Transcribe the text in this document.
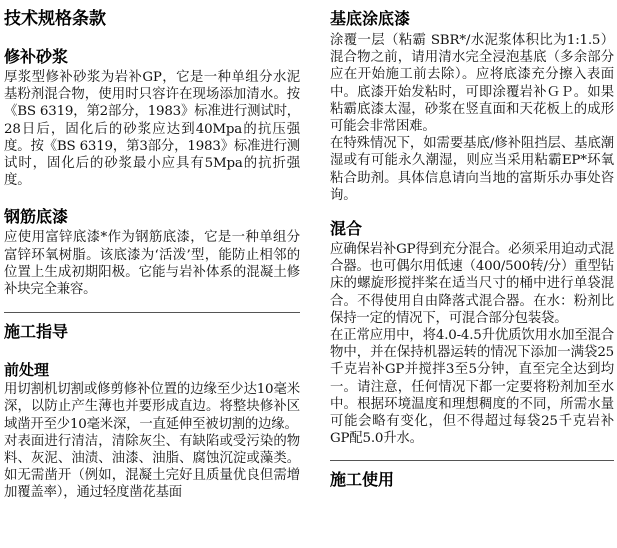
技术规格条款
修补砂浆

厚浆型修补砂浆为岩补GP，它是一种单组分水泥基粉剂混合物，使用时只容许在现场添加清水。按《BS 6319，第2部分，1983》标准进行测试时，28日后，固化后的砂浆应达到40Mpa的抗压强度。按《BS 6319，第3部分，1983》标准进行测试时，固化后的砂浆最小应具有5Mpa的抗折强度。

钢筋底漆

应使用富锌底漆*作为钢筋底漆，它是一种单组分富锌环氧树脂。该底漆为‘活泼’型，能防止相邻的位置上生成初期阳极。它能与岩补体系的混凝土修补块完全兼容。

施工指导
前处理

用切割机切割或修剪修补位置的边缘至少达10毫米深，以防止产生薄也并要形成直边。将整块修补区域凿开至少10毫米深，一直延伸至被切割的边缘。

对表面进行清洁，清除灰尘、有缺陷或受污染的物料、灰泥、油渍、油漆、油脂、腐蚀沉淀或藻类。如无需凿开（例如，混凝土完好且质量优良但需增加覆盖率），通过轻度凿花基面

基底涂底漆

涂覆一层（粘霸 SBR*/水泥浆体积比为1:1.5）混合物之前，请用清水完全浸泡基底（多余部分应在开始施工前去除）。应将底漆充分擦入表面中。底漆开始发粘时，可即涂覆岩补ＧＰ。如果粘霸底漆太湿，砂浆在竖直面和天花板上的成形可能会非常困难。

在特殊情况下，如需要基底/修补阻挡层、基底潮湿或有可能永久潮湿，则应当采用粘霸EP*环氧粘合助剂。具体信息请向当地的富斯乐办事处咨询。

混合

应确保岩补GP得到充分混合。必须采用迫动式混合器。也可偶尔用低速（400/500转/分）重型钻床的螺旋形搅拌桨在适当尺寸的桶中进行单袋混合。不得使用自由降落式混合器。在水：粉剂比保持一定的情况下，可混合部分包装袋。

在正常应用中，将4.0-4.5升优质饮用水加至混合物中，并在保持机器运转的情况下添加一满袋25千克岩补GP并搅拌3至5分钟，直至完全达到均一。请注意，任何情况下都一定要将粉剂加至水中。根据环境温度和理想稠度的不同，所需水量可能会略有变化，但不得超过每袋25千克岩补GP配5.0升水。

施工使用
